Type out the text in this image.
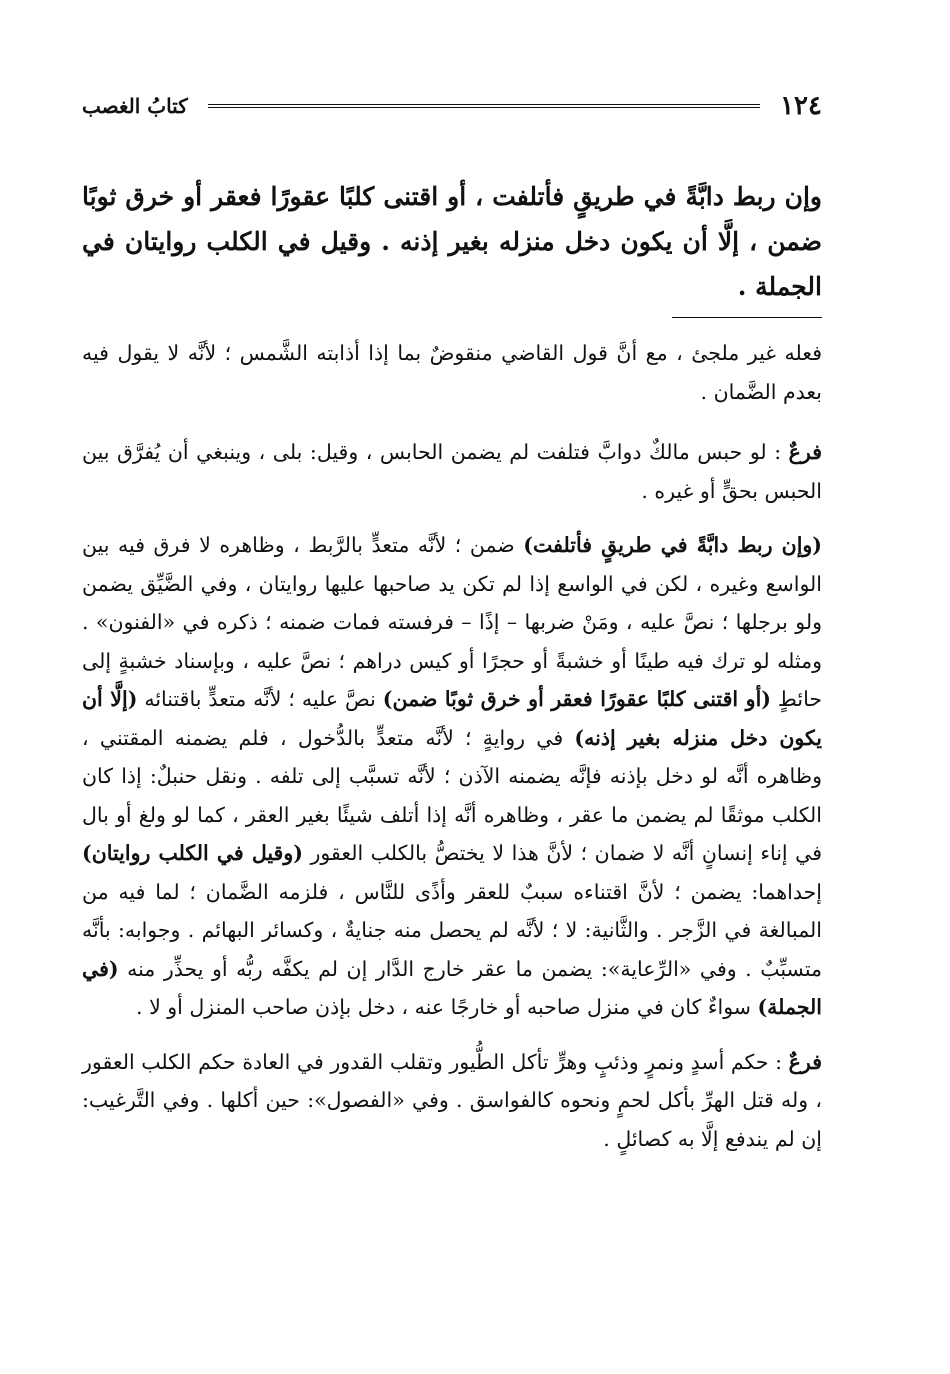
١٢٤
كتابُ الغصب
وإن ربط دابَّةً في طريقٍ فأتلفت ، أو اقتنى كلبًا عقورًا فعقر أو خرق ثوبًا ضمن ، إلَّا أن يكون دخل منزله بغير إذنه . وقيل في الكلب روايتان في الجملة .

فعله غير ملجئ ، مع أنَّ قول القاضي منقوضٌ بما إذا أذابته الشَّمس ؛ لأنَّه لا يقول فيه بعدم الضَّمان .

فرعٌ : لو حبس مالكٌ دوابَّ فتلفت لم يضمن الحابس ، وقيل: بلى ، وينبغي أن يُفرَّق بين الحبس بحقٍّ أو غيره .

(وإن ربط دابَّةً في طريقٍ فأتلفت) ضمن ؛ لأنَّه متعدٍّ بالرَّبط ، وظاهره لا فرق فيه بين الواسع وغيره ، لكن في الواسع إذا لم تكن يد صاحبها عليها روايتان ، وفي الضَّيِّق يضمن ولو برجلها ؛ نصَّ عليه ، ومَنْ ضربها – إذًا – فرفسته فمات ضمنه ؛ ذكره في «الفنون» . ومثله لو ترك فيه طينًا أو خشبةً أو حجرًا أو كيس دراهم ؛ نصَّ عليه ، وبإسناد خشبةٍ إلى حائطٍ (أو اقتنى كلبًا عقورًا فعقر أو خرق ثوبًا ضمن) نصَّ عليه ؛ لأنَّه متعدٍّ باقتنائه (إلَّا أن يكون دخل منزله بغير إذنه) في روايةٍ ؛ لأنَّه متعدٍّ بالدُّخول ، فلم يضمنه المقتني ، وظاهره أنَّه لو دخل بإذنه فإنَّه يضمنه الآذن ؛ لأنَّه تسبَّب إلى تلفه . ونقل حنبلٌ: إذا كان الكلب موثقًا لم يضمن ما عقر ، وظاهره أنَّه إذا أتلف شيئًا بغير العقر ، كما لو ولغ أو بال في إناء إنسانٍ أنَّه لا ضمان ؛ لأنَّ هذا لا يختصُّ بالكلب العقور (وقيل في الكلب روايتان) إحداهما: يضمن ؛ لأنَّ اقتناءه سببٌ للعقر وأذًى للنَّاس ، فلزمه الضَّمان ؛ لما فيه من المبالغة في الزَّجر . والثَّانية: لا ؛ لأنَّه لم يحصل منه جنايةٌ ، وكسائر البهائم . وجوابه: بأنَّه متسبِّبٌ . وفي «الرِّعاية»: يضمن ما عقر خارج الدَّار إن لم يكفَّه ربُّه أو يحذِّر منه (في الجملة) سواءٌ كان في منزل صاحبه أو خارجًا عنه ، دخل بإذن صاحب المنزل أو لا .

فرعٌ : حكم أسدٍ ونمرٍ وذئبٍ وهرٍّ تأكل الطُّيور وتقلب القدور في العادة حكم الكلب العقور ، وله قتل الهرِّ بأكل لحمٍ ونحوه كالفواسق . وفي «الفصول»: حين أكلها . وفي التَّرغيب: إن لم يندفع إلَّا به كصائلٍ .
